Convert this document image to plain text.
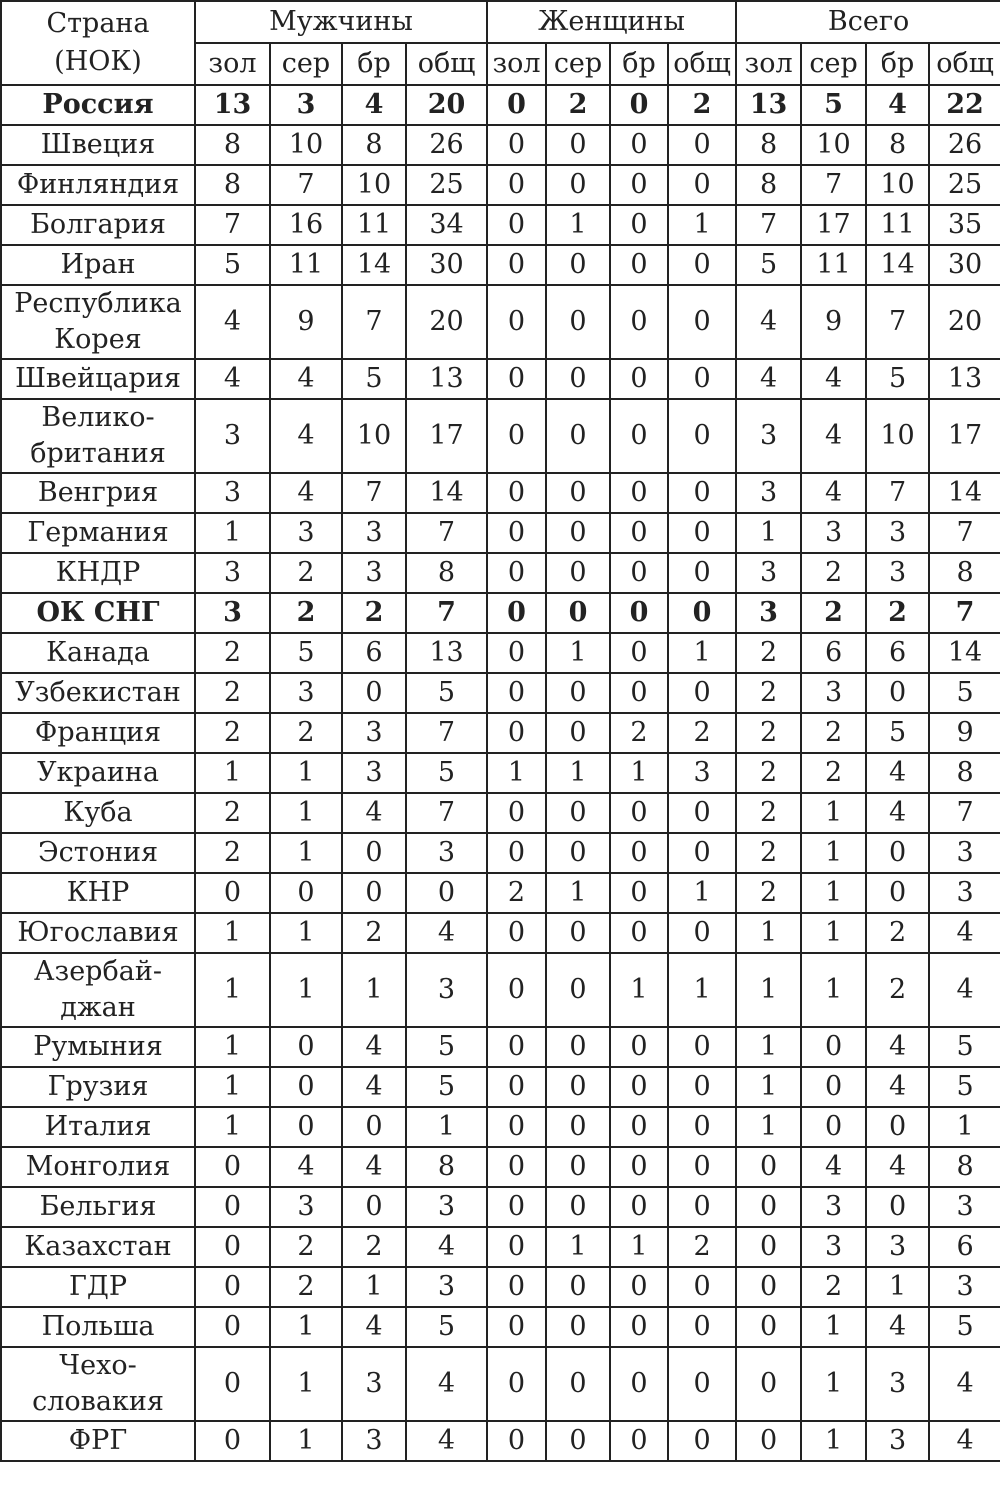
Страна (НОК)	Мужчины				Женщины				Всего			
	зол	сер	бр	общ	зол	сер	бр	общ	зол	сер	бр	общ
Россия	13	3	4	20	0	2	0	2	13	5	4	22
Швеция	8	10	8	26	0	0	0	0	8	10	8	26
Финляндия	8	7	10	25	0	0	0	0	8	7	10	25
Болгария	7	16	11	34	0	1	0	1	7	17	11	35
Иран	5	11	14	30	0	0	0	0	5	11	14	30
Республика Корея	4	9	7	20	0	0	0	0	4	9	7	20
Швейцария	4	4	5	13	0	0	0	0	4	4	5	13
Велико-британия	3	4	10	17	0	0	0	0	3	4	10	17
Венгрия	3	4	7	14	0	0	0	0	3	4	7	14
Германия	1	3	3	7	0	0	0	0	1	3	3	7
КНДР	3	2	3	8	0	0	0	0	3	2	3	8
ОК СНГ	3	2	2	7	0	0	0	0	3	2	2	7
Канада	2	5	6	13	0	1	0	1	2	6	6	14
Узбекистан	2	3	0	5	0	0	0	0	2	3	0	5
Франция	2	2	3	7	0	0	2	2	2	2	5	9
Украина	1	1	3	5	1	1	1	3	2	2	4	8
Куба	2	1	4	7	0	0	0	0	2	1	4	7
Эстония	2	1	0	3	0	0	0	0	2	1	0	3
КНР	0	0	0	0	2	1	0	1	2	1	0	3
Югославия	1	1	2	4	0	0	0	0	1	1	2	4
Азербай-джан	1	1	1	3	0	0	1	1	1	1	2	4
Румыния	1	0	4	5	0	0	0	0	1	0	4	5
Грузия	1	0	4	5	0	0	0	0	1	0	4	5
Италия	1	0	0	1	0	0	0	0	1	0	0	1
Монголия	0	4	4	8	0	0	0	0	0	4	4	8
Бельгия	0	3	0	3	0	0	0	0	0	3	0	3
Казахстан	0	2	2	4	0	1	1	2	0	3	3	6
ГДР	0	2	1	3	0	0	0	0	0	2	1	3
Польша	0	1	4	5	0	0	0	0	0	1	4	5
Чехо-словакия	0	1	3	4	0	0	0	0	0	1	3	4
ФРГ	0	1	3	4	0	0	0	0	0	1	3	4
